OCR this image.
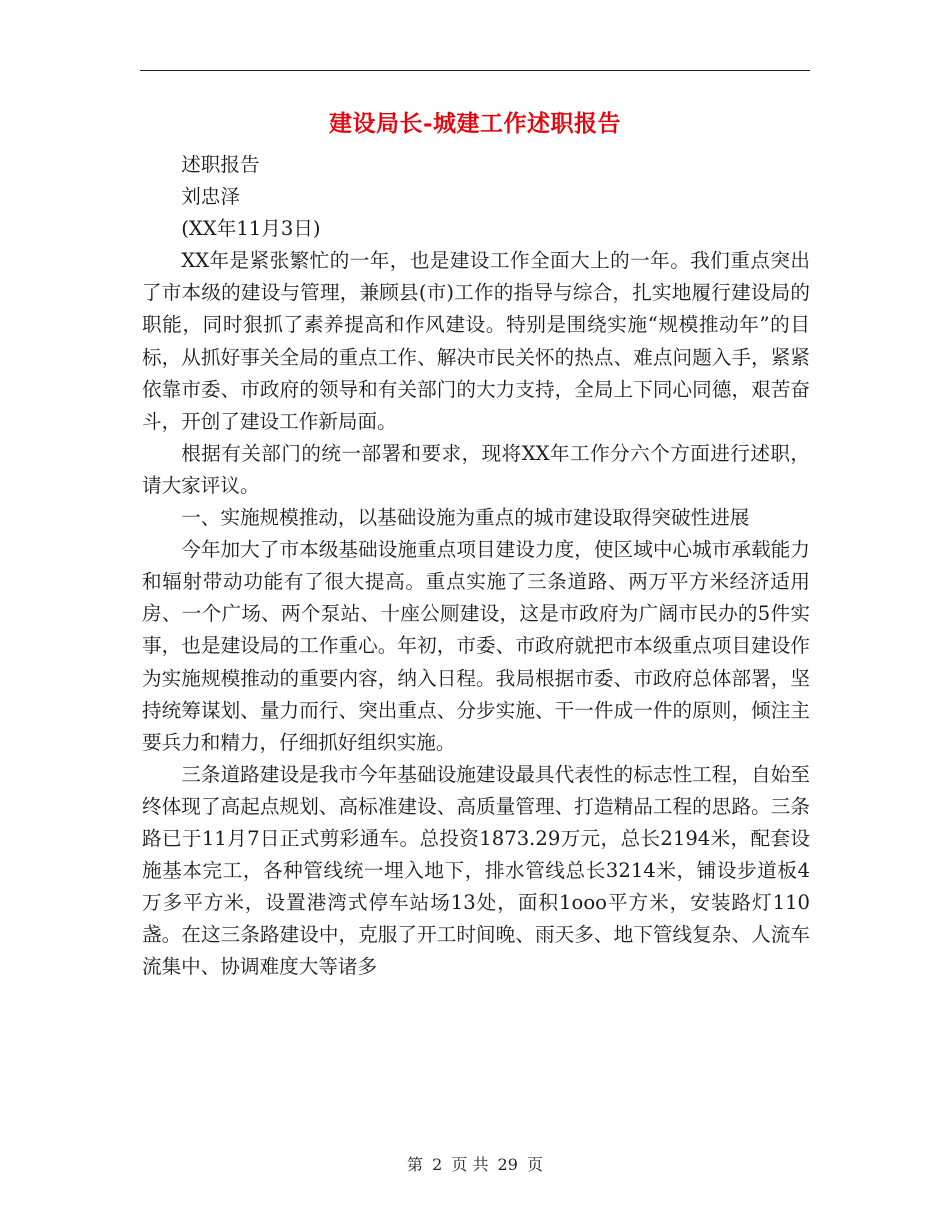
建设局长-城建工作述职报告

述职报告

刘忠泽

(XX年11月3日)

XX年是紧张繁忙的一年，也是建设工作全面大上的一年。我们重点突出了市本级的建设与管理，兼顾县(市)工作的指导与综合，扎实地履行建设局的职能，同时狠抓了素养提高和作风建设。特别是围绕实施“规模推动年”的目标，从抓好事关全局的重点工作、解决市民关怀的热点、难点问题入手，紧紧依靠市委、市政府的领导和有关部门的大力支持，全局上下同心同德，艰苦奋斗，开创了建设工作新局面。

根据有关部门的统一部署和要求，现将XX年工作分六个方面进行述职，请大家评议。

一、实施规模推动，以基础设施为重点的城市建设取得突破性进展

今年加大了市本级基础设施重点项目建设力度，使区域中心城市承载能力和辐射带动功能有了很大提高。重点实施了三条道路、两万平方米经济适用房、一个广场、两个泵站、十座公厕建设，这是市政府为广阔市民办的5件实事，也是建设局的工作重心。年初，市委、市政府就把市本级重点项目建设作为实施规模推动的重要内容，纳入日程。我局根据市委、市政府总体部署，坚持统筹谋划、量力而行、突出重点、分步实施、干一件成一件的原则，倾注主要兵力和精力，仔细抓好组织实施。

三条道路建设是我市今年基础设施建设最具代表性的标志性工程，自始至终体现了高起点规划、高标准建设、高质量管理、打造精品工程的思路。三条路已于11月7日正式剪彩通车。总投资1873.29万元，总长2194米，配套设施基本完工，各种管线统一埋入地下，排水管线总长3214米，铺设步道板4万多平方米，设置港湾式停车站场13处，面积1ooo平方米，安装路灯110盏。在这三条路建设中，克服了开工时间晚、雨天多、地下管线复杂、人流车流集中、协调难度大等诸多

第 2 页 共 29 页
